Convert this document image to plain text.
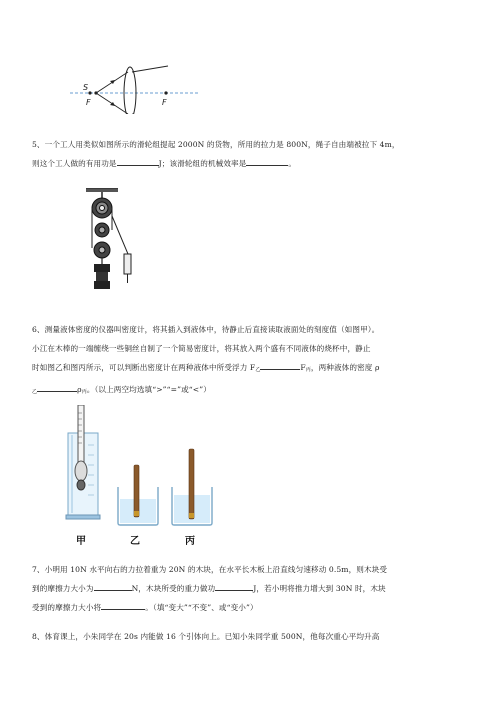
S
F	F
5、一个工人用类似如图所示的滑轮组提起 2000N 的货物，所用的拉力是 800N，绳子自由端被拉下 4m，
则这个工人做的有用功是	J；该滑轮组的机械效率是	。
6、测量液体密度的仪器叫密度计，将其插入到液体中，待静止后直接读取液面处的刻度值（如图甲）。
小江在木棒的一端缠绕一些铜丝自制了一个简易密度计，将其放入两个盛有不同液体的烧杯中，静止
时如图乙和图丙所示，可以判断出密度计在两种液体中所受浮力 $F_乙$	$F_丙$，两种液体的密度 ρ
$_乙$	$\rho_丙$。（以上两空均选填“>”“=”或“<”）
甲	乙	丙
7、小明用 10N 水平向右的力拉着重为 20N 的木块，在水平长木板上沿直线匀速移动 0.5m，则木块受
到的摩擦力大小为	N，木块所受的重力做功	J，若小明将推力增大到 30N 时，木块
受到的摩擦力大小将	。（填“变大”“不变”、或“变小”）
8、体育课上，小朱同学在 20s 内能做 16 个引体向上。已知小朱同学重 500N，他每次重心平均升高
